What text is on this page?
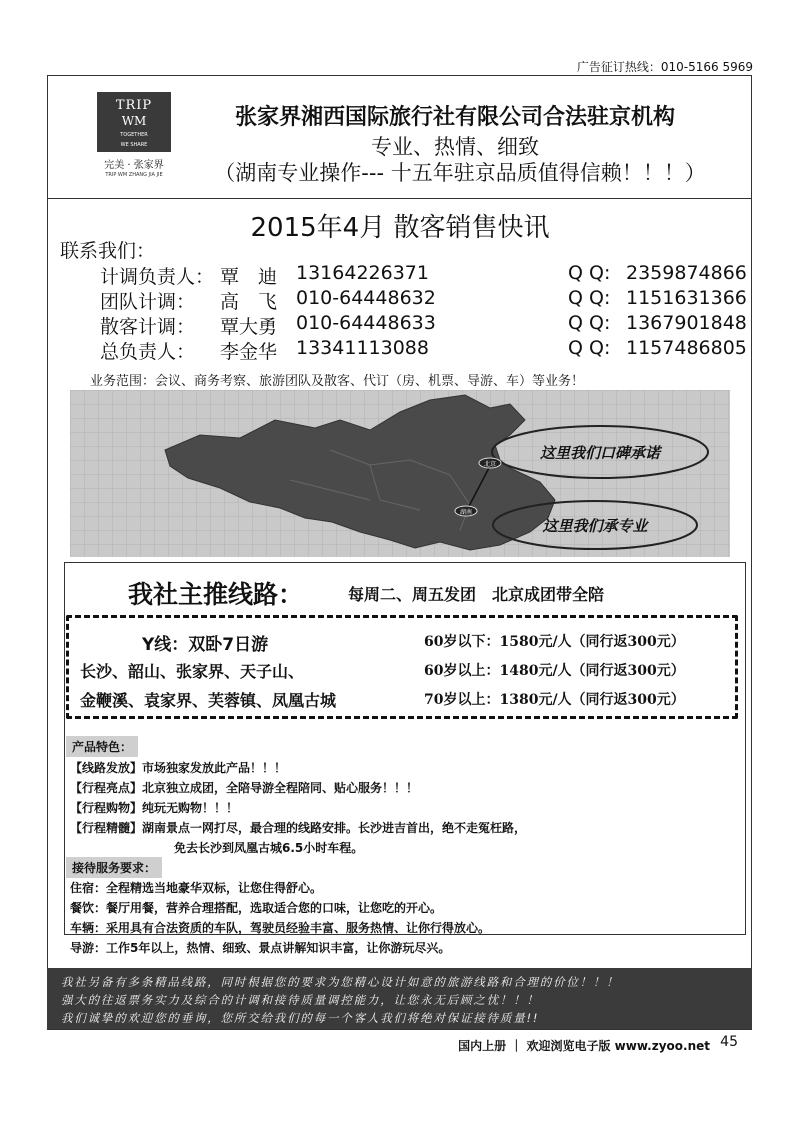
广告征订热线：010-5166 5969
TRIP
WM
TOGETHER
WE SHARE
完美 · 张家界
TRIP WM ZHANG JIA JIE
张家界湘西国际旅行社有限公司合法驻京机构
专业、热情、细致
（湖南专业操作--- 十五年驻京品质值得信赖！！！）
2015年4月 散客销售快讯
联系我们：
计调负责人： 覃　迪 13164226371	Q Q: 2359874866
团队计调： 高　飞 010-64448632	Q Q: 1151631366
散客计调： 覃大勇 010-64448633	Q Q: 1367901848
总负责人： 李金华 13341113088	Q Q: 1157486805
业务范围：会议、商务考察、旅游团队及散客、代订（房、机票、导游、车）等业务！
这里我们口碑承诺
这里我们承专业
北京
湖南
我社主推线路：	每周二、周五发团　北京成团带全陪
Y线：双卧7日游
长沙、韶山、张家界、天子山、
金鞭溪、袁家界、芙蓉镇、凤凰古城
60岁以下：1580元/人（同行返300元）
60岁以上：1480元/人（同行返300元）
70岁以上：1380元/人（同行返300元）
产品特色：
【线路发放】市场独家发放此产品！！！
【行程亮点】北京独立成团，全陪导游全程陪同、贴心服务！！！
【行程购物】纯玩无购物！！！
【行程精髓】湖南景点一网打尽，最合理的线路安排。长沙进吉首出，绝不走冤枉路，
免去长沙到凤凰古城6.5小时车程。
接待服务要求：
住宿：全程精选当地豪华双标，让您住得舒心。
餐饮：餐厅用餐，营养合理搭配，选取适合您的口味，让您吃的开心。
车辆：采用具有合法资质的车队，驾驶员经验丰富、服务热情、让你行得放心。
导游：工作5年以上，热情、细致、景点讲解知识丰富，让你游玩尽兴。
我社另备有多条精品线路，同时根据您的要求为您精心设计如意的旅游线路和合理的价位！！！
强大的往返票务实力及综合的计调和接待质量调控能力，让您永无后顾之忧！！！
我们诚挚的欢迎您的垂询，您所交给我们的每一个客人我们将绝对保证接待质量!!
国内上册 ｜ 欢迎浏览电子版 www.zyoo.net 45
